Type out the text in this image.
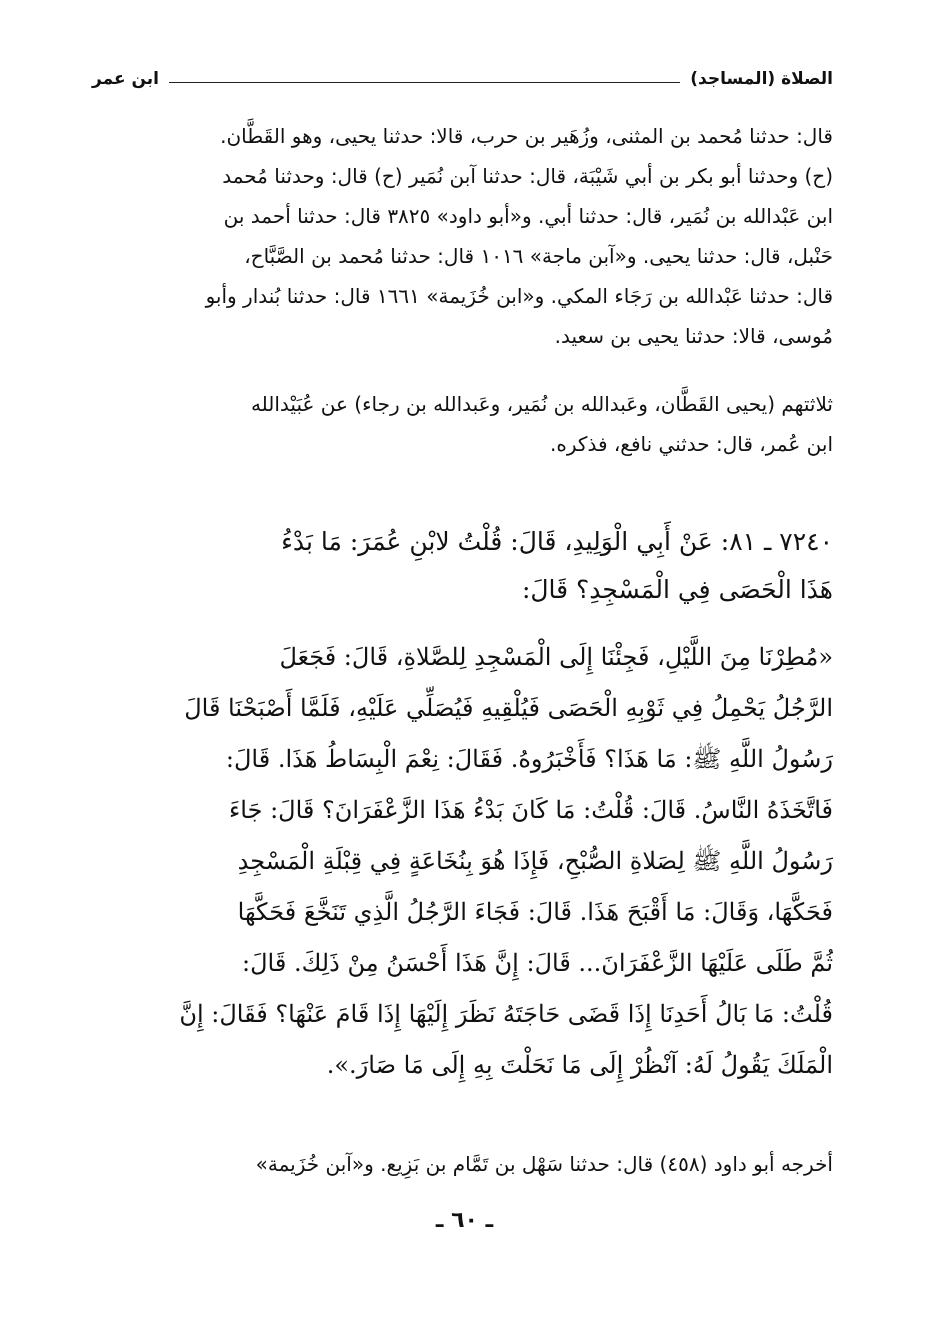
الصلاة (المساجد)
ابن عمر
قال: حدثنا مُحمد بن المثنى، وزُهَير بن حرب، قالا: حدثنا يحيى، وهو القَطَّان.
(ح) وحدثنا أبو بكر بن أبي شَيْبَة، قال: حدثنا آبن نُمَير (ح) قال: وحدثنا مُحمد
ابن عَبْدالله بن نُمَير، قال: حدثنا أبي. و«أبو داود» ٣٨٢٥ قال: حدثنا أحمد بن
حَنْبل، قال: حدثنا يحيى. و«آبن ماجة» ١٠١٦ قال: حدثنا مُحمد بن الصَّبَّاح،
قال: حدثنا عَبْدالله بن رَجَاء المكي. و«ابن خُزَيمة» ١٦٦١ قال: حدثنا بُندار وأبو
مُوسى، قالا: حدثنا يحيى بن سعيد.
ثلاثتهم (يحيى القَطَّان، وعَبدالله بن نُمَير، وعَبدالله بن رجاء) عن عُبَيْدالله
ابن عُمر، قال: حدثني نافع، فذكره.
٧٢٤٠ ـ ٨١: عَنْ أَبِي الْوَلِيدِ، قَالَ: قُلْتُ لابْنِ عُمَرَ: مَا بَدْءُ
هَذَا الْحَصَى فِي الْمَسْجِدِ؟ قَالَ:
«مُطِرْنَا مِنَ اللَّيْلِ، فَجِئْنَا إِلَى الْمَسْجِدِ لِلصَّلاةِ، قَالَ: فَجَعَلَ
الرَّجُلُ يَحْمِلُ فِي ثَوْبِهِ الْحَصَى فَيُلْقِيهِ فَيُصَلِّي عَلَيْهِ، فَلَمَّا أَصْبَحْنَا قَالَ
رَسُولُ اللَّهِ ﷺ: مَا هَذَا؟ فَأَخْبَرُوهُ. فَقَالَ: نِعْمَ الْبِسَاطُ هَذَا. قَالَ:
فَاتَّخَذَهُ النَّاسُ. قَالَ: قُلْتُ: مَا كَانَ بَدْءُ هَذَا الزَّعْفَرَانَ؟ قَالَ: جَاءَ
رَسُولُ اللَّهِ ﷺ لِصَلاةِ الصُّبْحِ، فَإِذَا هُوَ بِنُخَاعَةٍ فِي قِبْلَةِ الْمَسْجِدِ
فَحَكَّهَا، وَقَالَ: مَا أَقْبَحَ هَذَا. قَالَ: فَجَاءَ الرَّجُلُ الَّذِي تَنَخَّعَ فَحَكَّهَا
ثُمَّ طَلَى عَلَيْهَا الزَّعْفَرَانَ... قَالَ: إِنَّ هَذَا أَحْسَنُ مِنْ ذَلِكَ. قَالَ:
قُلْتُ: مَا بَالُ أَحَدِنَا إِذَا قَضَى حَاجَتَهُ نَظَرَ إِلَيْهَا إِذَا قَامَ عَنْهَا؟ فَقَالَ: إِنَّ
الْمَلَكَ يَقُولُ لَهُ: آنْظُرْ إِلَى مَا نَحَلْتَ بِهِ إِلَى مَا صَارَ.».
أخرجه أبو داود (٤٥٨) قال: حدثنا سَهْل بن تَمَّام بن بَزِيع. و«آبن خُزَيمة»
ـ ٦٠ ـ
